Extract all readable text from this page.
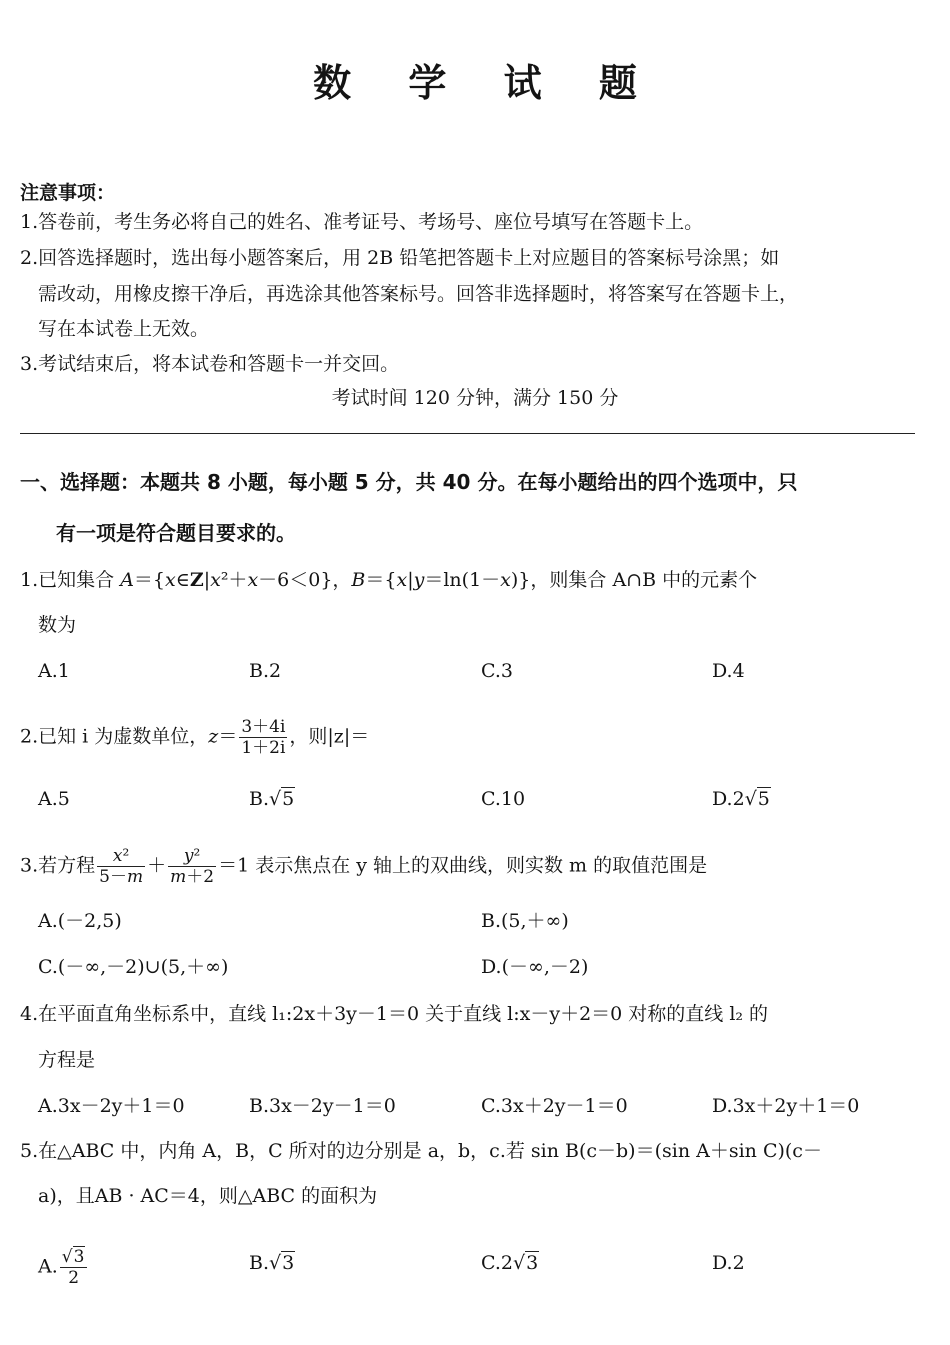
数 学 试 题
注意事项：
1.答卷前，考生务必将自己的姓名、准考证号、考场号、座位号填写在答题卡上。
2.回答选择题时，选出每小题答案后，用 2B 铅笔把答题卡上对应题目的答案标号涂黑；如
需改动，用橡皮擦干净后，再选涂其他答案标号。回答非选择题时，将答案写在答题卡上，
写在本试卷上无效。
3.考试结束后，将本试卷和答题卡一并交回。
考试时间 120 分钟，满分 150 分
一、选择题：本题共 8 小题，每小题 5 分，共 40 分。在每小题给出的四个选项中，只
有一项是符合题目要求的。
1.已知集合 A＝{x∈Z|x²＋x－6＜0}，B＝{x|y＝ln(1－x)}，则集合 A∩B 中的元素个
数为
A.1	B.2	C.3	D.4
2.已知 i 为虚数单位，$z= \frac{3+4i}{1+2i}$ ，则|z|＝
A.5	B.√5	C.10	D.2√5
3.若方程 $\frac{\text{x²}}{5-m} + \frac{\text{y²}}{m+2} =1$ 表示焦点在 y 轴上的双曲线，则实数 m 的取值范围是
A.(－2,5)	B.(5,＋∞)
C.(－∞,－2)∪(5,＋∞)	D.(－∞,－2)
4.在平面直角坐标系中，直线 l₁:2x＋3y－1＝0 关于直线 l:x－y＋2＝0 对称的直线 l₂ 的
方程是
A.3x－2y＋1＝0	B.3x－2y－1＝0	C.3x＋2y－1＝0	D.3x＋2y＋1＝0
5.在△ABC 中，内角 A，B，C 所对的边分别是 a，b，c.若 sin B(c－b)＝(sin A＋sin C)(c－
a)，且AB · AC＝4，则△ABC 的面积为
A. $\frac{√3}{2}$	B.√3	C.2√3	D.2
